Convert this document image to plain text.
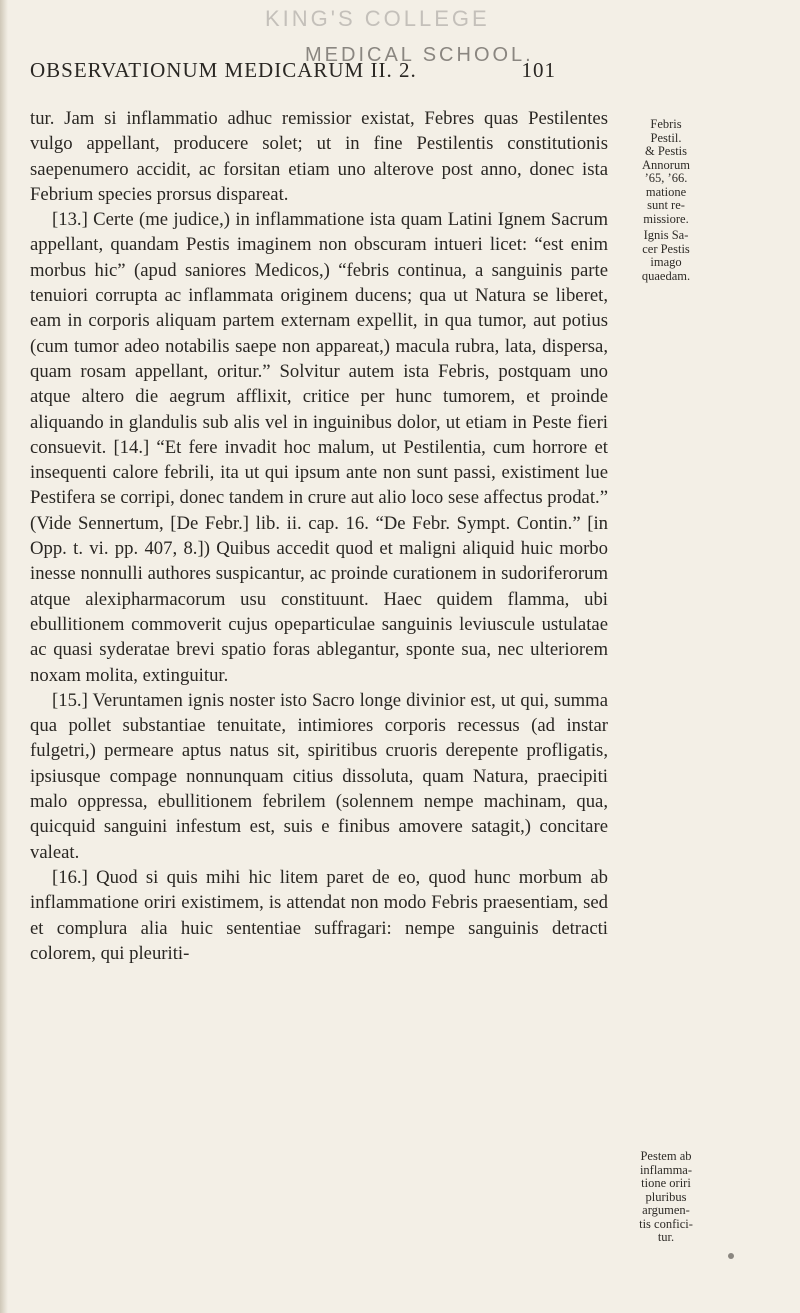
KING'S COLLEGE
MEDICAL SCHOOL.
OBSERVATIONUM MEDICARUM II. 2.	101

tur. Jam si inflammatio adhuc remissior existat, Febres quas Pestilentes vulgo appellant, producere solet; ut in fine Pestilentis constitutionis saepenumero accidit, ac forsitan etiam uno alterove post anno, donec ista Febrium species prorsus dispareat.

[13.] Certe (me judice,) in inflammatione ista quam Latini Ignem Sacrum appellant, quandam Pestis imaginem non obscuram intueri licet: “est enim morbus hic” (apud saniores Medicos,) “febris continua, a sanguinis parte tenuiori corrupta ac inflammata originem ducens; qua ut Natura se liberet, eam in corporis aliquam partem externam expellit, in qua tumor, aut potius (cum tumor adeo notabilis saepe non appareat,) macula rubra, lata, dispersa, quam rosam appellant, oritur.” Solvitur autem ista Febris, postquam uno atque altero die aegrum afflixit, critice per hunc tumorem, et proinde aliquando in glandulis sub alis vel in inguinibus dolor, ut etiam in Peste fieri consuevit. [14.] “Et fere invadit hoc malum, ut Pestilentia, cum horrore et insequenti calore febrili, ita ut qui ipsum ante non sunt passi, existiment lue Pestifera se corripi, donec tandem in crure aut alio loco sese affectus prodat.” (Vide Sennertum, [De Febr.] lib. ii. cap. 16. “De Febr. Sympt. Contin.” [in Opp. t. vi. pp. 407, 8.]) Quibus accedit quod et maligni aliquid huic morbo inesse nonnulli authores suspicantur, ac proinde curationem in sudoriferorum atque alexipharmacorum usu constituunt. Haec quidem flamma, ubi ebullitionem commoverit cujus opeparticulae sanguinis leviuscule ustulatae ac quasi syderatae brevi spatio foras ablegantur, sponte sua, nec ulteriorem noxam molita, extinguitur.

[15.] Veruntamen ignis noster isto Sacro longe divinior est, ut qui, summa qua pollet substantiae tenuitate, intimiores corporis recessus (ad instar fulgetri,) permeare aptus natus sit, spiritibus cruoris derepente profligatis, ipsiusque compage nonnunquam citius dissoluta, quam Natura, praecipiti malo oppressa, ebullitionem febrilem (solennem nempe machinam, qua, quicquid sanguini infestum est, suis e finibus amovere satagit,) concitare valeat.

[16.] Quod si quis mihi hic litem paret de eo, quod hunc morbum ab inflammatione oriri existimem, is attendat non modo Febris praesentiam, sed et complura alia huic sententiae suffragari: nempe sanguinis detracti colorem, qui pleuriti-

Febris
Pestil.
& Pestis
Annorum
’65, ’66.
matione
sunt re-
missiore.
Ignis Sa-
cer Pestis
imago
quaedam.
Pestem ab
inflamma-
tione oriri
pluribus
argumen-
tis confici-
tur.
